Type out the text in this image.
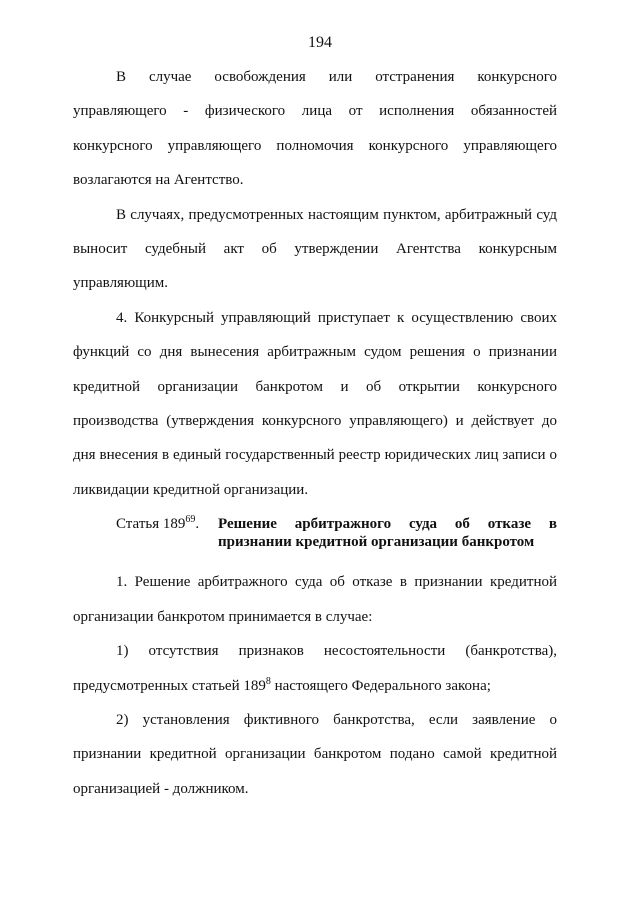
194

В случае освобождения или отстранения конкурсного управляющего - физического лица от исполнения обязанностей конкурсного управляющего полномочия конкурсного управляющего возлагаются на Агентство.

В случаях, предусмотренных настоящим пунктом, арбитражный суд выносит судебный акт об утверждении Агентства конкурсным управляющим.

4. Конкурсный управляющий приступает к осуществлению своих функций со дня вынесения арбитражным судом решения о признании кредитной организации банкротом и об открытии конкурсного производства (утверждения конкурсного управляющего) и действует до дня внесения в единый государственный реестр юридических лиц записи о ликвидации кредитной организации.

Статья $189^{69}$.	Решение арбитражного суда об отказе в признании кредитной организации банкротом

1. Решение арбитражного суда об отказе в признании кредитной организации банкротом принимается в случае:

1) отсутствия признаков несостоятельности (банкротства), предусмотренных статьей $189^8$ настоящего Федерального закона;

2) установления фиктивного банкротства, если заявление о признании кредитной организации банкротом подано самой кредитной организацией - должником.
